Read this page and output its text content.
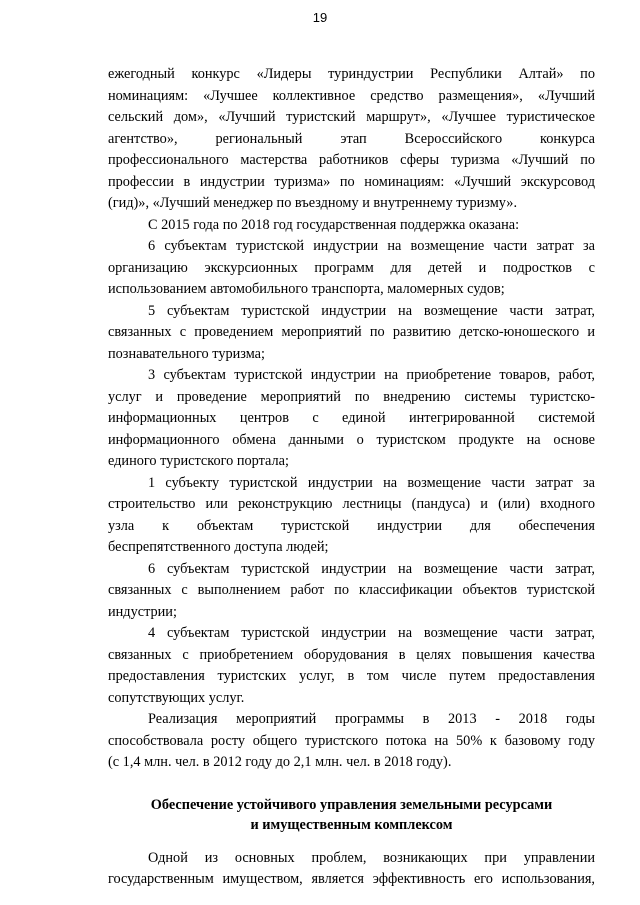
19
ежегодный конкурс «Лидеры туриндустрии Республики Алтай» по
номинациям: «Лучшее коллективное средство размещения», «Лучший
сельский дом», «Лучший туристский маршрут», «Лучшее туристическое
агентство», региональный этап Всероссийского конкурса
профессионального мастерства работников сферы туризма «Лучший по
профессии в индустрии туризма» по номинациям: «Лучший экскурсовод
(гид)», «Лучший менеджер по въездному и внутреннему туризму».
С 2015 года по 2018 год государственная поддержка оказана:
6 субъектам туристской индустрии на возмещение части затрат за
организацию экскурсионных программ для детей и подростков с
использованием автомобильного транспорта, маломерных судов;
5 субъектам туристской индустрии на возмещение части затрат,
связанных с проведением мероприятий по развитию детско-юношеского и
познавательного туризма;
3 субъектам туристской индустрии на приобретение товаров, работ,
услуг и проведение мероприятий по внедрению системы туристско-
информационных центров с единой интегрированной системой
информационного обмена данными о туристском продукте на основе
единого туристского портала;
1 субъекту туристской индустрии на возмещение части затрат за
строительство или реконструкцию лестницы (пандуса) и (или) входного
узла к объектам туристской индустрии для обеспечения
беспрепятственного доступа людей;
6 субъектам туристской индустрии на возмещение части затрат,
связанных с выполнением работ по классификации объектов туристской
индустрии;
4 субъектам туристской индустрии на возмещение части затрат,
связанных с приобретением оборудования в целях повышения качества
предоставления туристских услуг, в том числе путем предоставления
сопутствующих услуг.
Реализация мероприятий программы в 2013 - 2018 годы
способствовала росту общего туристского потока на 50% к базовому году
(с 1,4 млн. чел. в 2012 году до 2,1 млн. чел. в 2018 году).
Обеспечение устойчивого управления земельными ресурсами
и имущественным комплексом
Одной из основных проблем, возникающих при управлении
государственным имуществом, является эффективность его использования,
